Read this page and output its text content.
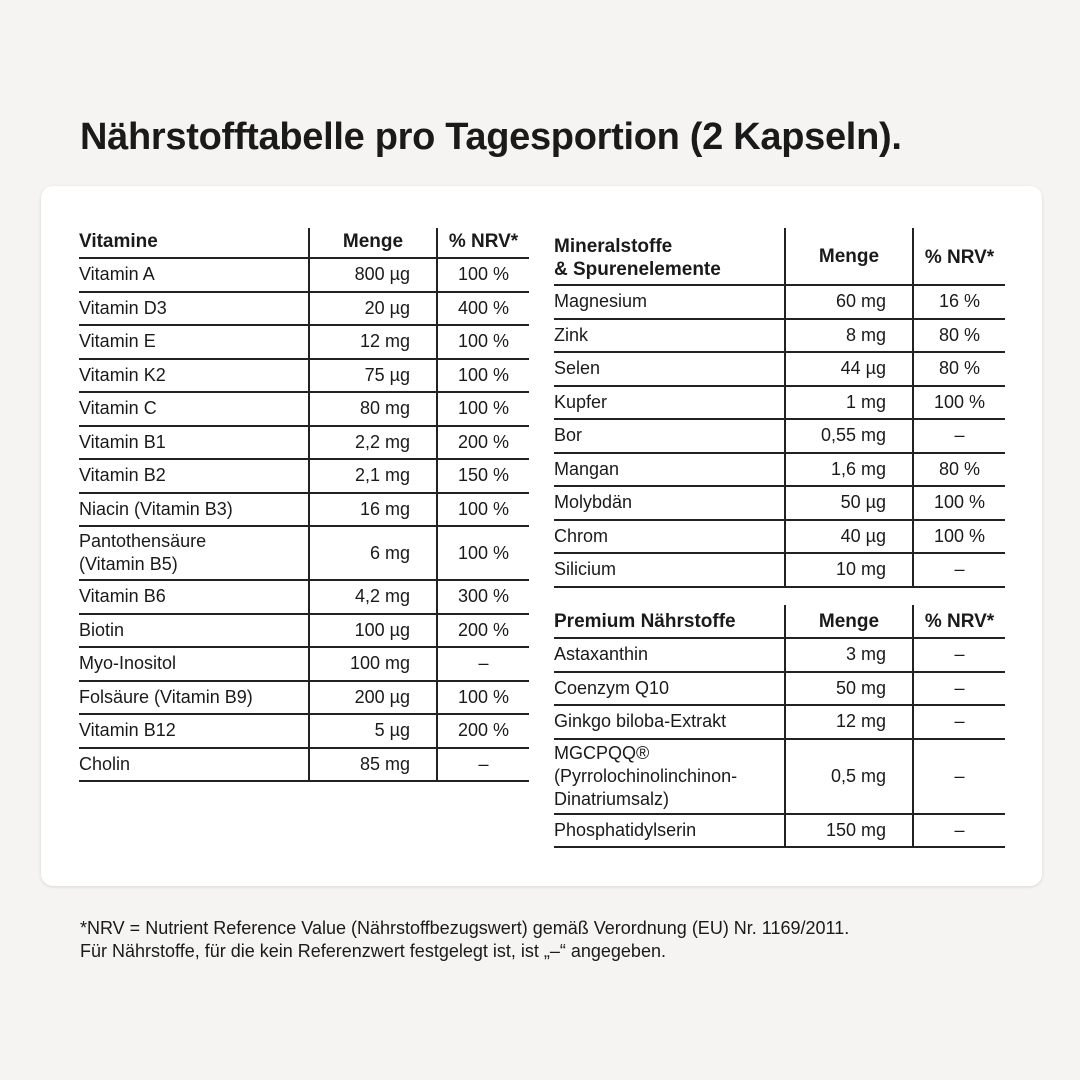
Nährstofftabelle pro Tagesportion (2 Kapseln).
Vitamine	Menge	% NRV*
Vitamin A	800 µg	100 %
Vitamin D3	20 µg	400 %
Vitamin E	12 mg	100 %
Vitamin K2	75 µg	100 %
Vitamin C	80 mg	100 %
Vitamin B1	2,2 mg	200 %
Vitamin B2	2,1 mg	150 %
Niacin (Vitamin B3)	16 mg	100 %
Pantothensäure
(Vitamin B5)	6 mg	100 %
Vitamin B6	4,2 mg	300 %
Biotin	100 µg	200 %
Myo-Inositol	100 mg	–
Folsäure (Vitamin B9)	200 µg	100 %
Vitamin B12	5 µg	200 %
Cholin	85 mg	–
Mineralstoffe
& Spurenelemente	Menge	% NRV*
Magnesium	60 mg	16 %
Zink	8 mg	80 %
Selen	44 µg	80 %
Kupfer	1 mg	100 %
Bor	0,55 mg	–
Mangan	1,6 mg	80 %
Molybdän	50 µg	100 %
Chrom	40 µg	100 %
Silicium	10 mg	–
Premium Nährstoffe	Menge	% NRV*
Astaxanthin	3 mg	–
Coenzym Q10	50 mg	–
Ginkgo biloba-Extrakt	12 mg	–
MGCPQQ®
(Pyrrolochinolinchinon-
Dinatriumsalz)	0,5 mg	–
Phosphatidylserin	150 mg	–

*NRV = Nutrient Reference Value (Nährstoffbezugswert) gemäß Verordnung (EU) Nr. 1169/2011.

Für Nährstoffe, für die kein Referenzwert festgelegt ist, ist „–“ angegeben.
